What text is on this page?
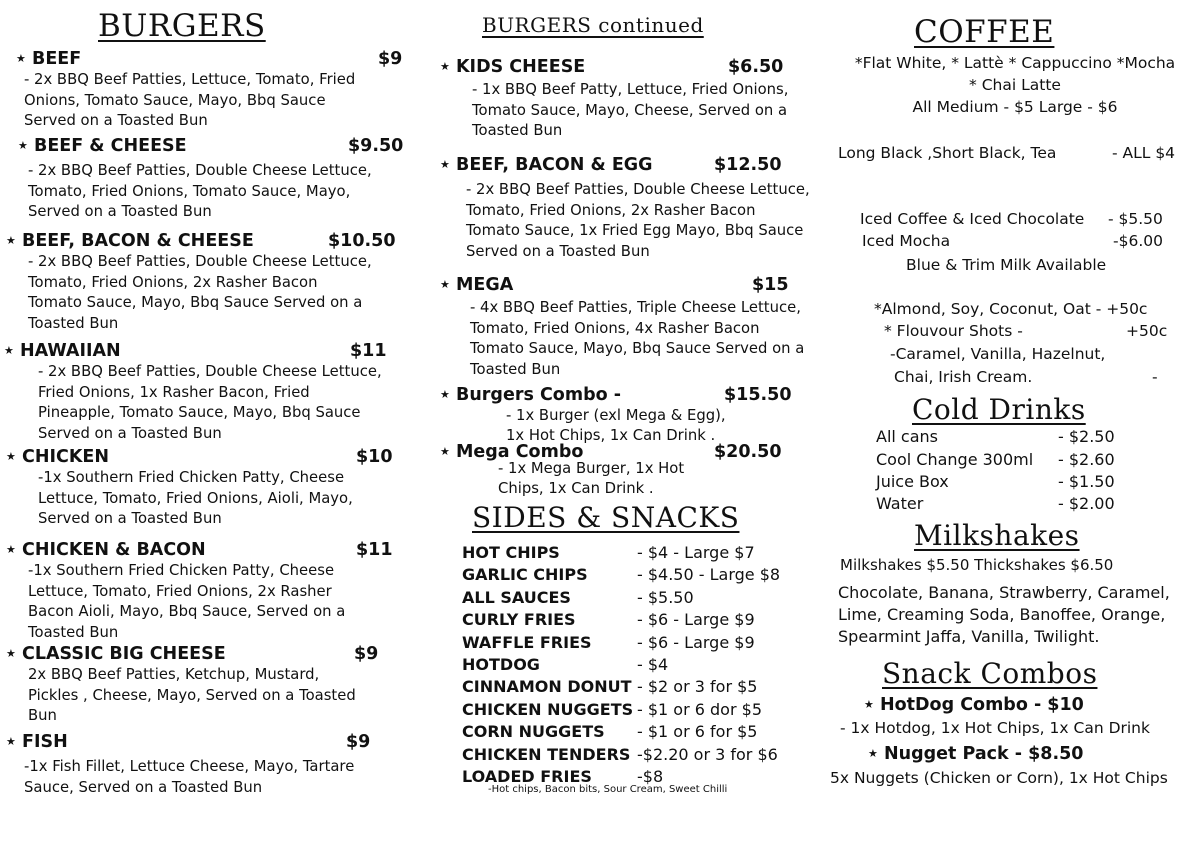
BURGERS
★ BEEF	$9
- 2x BBQ Beef Patties, Lettuce, Tomato, Fried
Onions, Tomato Sauce, Mayo, Bbq Sauce
Served on a Toasted Bun
★ BEEF & CHEESE	$9.50
- 2x BBQ Beef Patties, Double Cheese Lettuce,
Tomato, Fried Onions, Tomato Sauce, Mayo,
Served on a Toasted Bun
★ BEEF, BACON & CHEESE	$10.50
- 2x BBQ Beef Patties, Double Cheese Lettuce,
Tomato, Fried Onions, 2x Rasher Bacon
Tomato Sauce, Mayo, Bbq Sauce Served on a
Toasted Bun
★ HAWAIIAN	$11
- 2x BBQ Beef Patties, Double Cheese Lettuce,
Fried Onions, 1x Rasher Bacon, Fried
Pineapple, Tomato Sauce, Mayo, Bbq Sauce
Served on a Toasted Bun
★ CHICKEN	$10
-1x Southern Fried Chicken Patty, Cheese
Lettuce, Tomato, Fried Onions, Aioli, Mayo,
Served on a Toasted Bun
★ CHICKEN & BACON	$11
-1x Southern Fried Chicken Patty, Cheese
Lettuce, Tomato, Fried Onions, 2x Rasher
Bacon Aioli, Mayo, Bbq Sauce, Served on a
Toasted Bun
★ CLASSIC BIG CHEESE	$9
2x BBQ Beef Patties, Ketchup, Mustard,
Pickles , Cheese, Mayo, Served on a Toasted
Bun
★ FISH	$9
-1x Fish Fillet, Lettuce Cheese, Mayo, Tartare
Sauce, Served on a Toasted Bun
BURGERS continued
★ KIDS CHEESE	$6.50
- 1x BBQ Beef Patty, Lettuce, Fried Onions,
Tomato Sauce, Mayo, Cheese, Served on a
Toasted Bun
★ BEEF, BACON & EGG	$12.50
- 2x BBQ Beef Patties, Double Cheese Lettuce,
Tomato, Fried Onions, 2x Rasher Bacon
Tomato Sauce, 1x Fried Egg Mayo, Bbq Sauce
Served on a Toasted Bun
★ MEGA	$15
- 4x BBQ Beef Patties, Triple Cheese Lettuce,
Tomato, Fried Onions, 4x Rasher Bacon
Tomato Sauce, Mayo, Bbq Sauce Served on a
Toasted Bun
★ Burgers Combo -	$15.50
- 1x Burger (exl Mega & Egg),
1x Hot Chips, 1x Can Drink .
★ Mega Combo	$20.50
- 1x Mega Burger, 1x Hot
Chips, 1x Can Drink .
SIDES & SNACKS
HOT CHIPS	- $4 - Large $7
GARLIC CHIPS	- $4.50 - Large $8
ALL SAUCES	- $5.50
CURLY FRIES	- $6 - Large $9
WAFFLE FRIES	- $6 - Large $9
HOTDOG	- $4
CINNAMON DONUT - $2 or 3 for $5
CHICKEN NUGGETS - $1 or 6 dor $5
CORN NUGGETS - $1 or 6 for $5
CHICKEN TENDERS -$2.20 or 3 for $6
LOADED FRIES	-$8
-Hot chips, Bacon bits, Sour Cream, Sweet Chilli
COFFEE
*Flat White, * Lattè * Cappuccino *Mocha
* Chai Latte
All Medium - $5 Large - $6
Long Black ,Short Black, Tea	- ALL $4
Iced Coffee & Iced Chocolate - $5.50
Iced Mocha	-$6.00
Blue & Trim Milk Available
*Almond, Soy, Coconut, Oat - +50c
* Flouvour Shots -	+50c
-Caramel, Vanilla, Hazelnut,
Chai, Irish Cream.	-
Cold Drinks
All cans	- $2.50
Cool Change 300ml - $2.60
Juice Box	- $1.50
Water	- $2.00
Milkshakes
Milkshakes $5.50 Thickshakes $6.50
Chocolate, Banana, Strawberry, Caramel,
Lime, Creaming Soda, Banoffee, Orange,
Spearmint Jaffa, Vanilla, Twilight.
Snack Combos
★ HotDog Combo - $10
- 1x Hotdog, 1x Hot Chips, 1x Can Drink
★ Nugget Pack - $8.50
5x Nuggets (Chicken or Corn), 1x Hot Chips
